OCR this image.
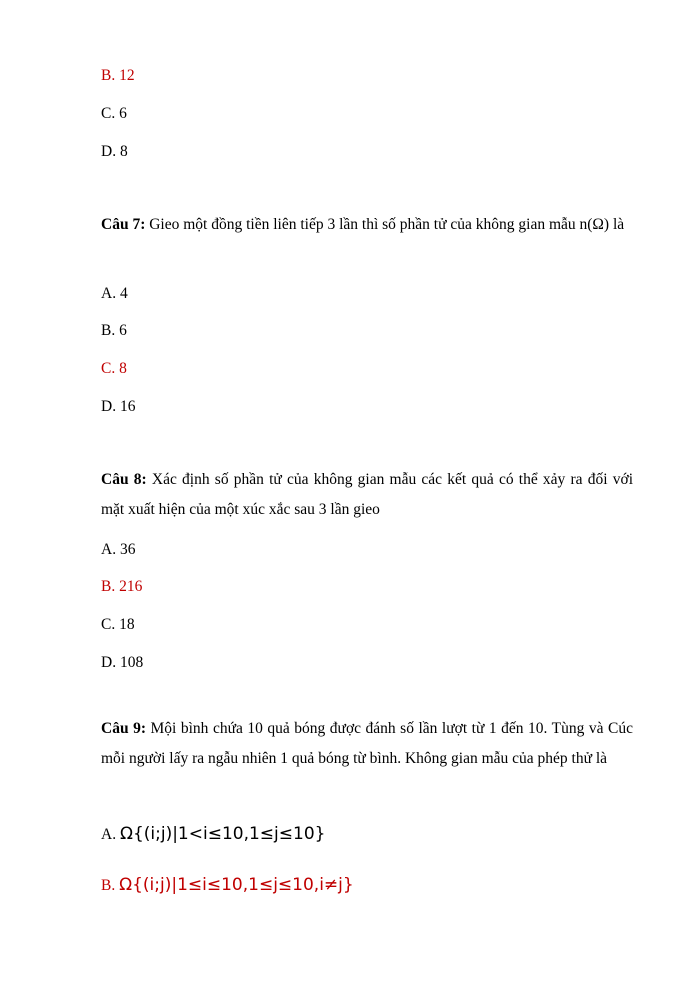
B. 12
C. 6
D. 8
Câu 7: Gieo một đồng tiền liên tiếp 3 lần thì số phần tử của không gian mẫu n(Ω) là
A. 4
B. 6
C. 8
D. 16
Câu 8: Xác định số phần tử của không gian mẫu các kết quả có thể xảy ra đối với mặt xuất hiện của một xúc xắc sau 3 lần gieo
A. 36
B. 216
C. 18
D. 108
Câu 9: Mội bình chứa 10 quả bóng được đánh số lần lượt từ 1 đến 10. Tùng và Cúc mỗi người lấy ra ngẫu nhiên 1 quả bóng từ bình. Không gian mẫu của phép thử là
A. Ω{(i;j)|1<i≤10,1≤j≤10}
B. Ω{(i;j)|1≤i≤10,1≤j≤10,i≠j}
